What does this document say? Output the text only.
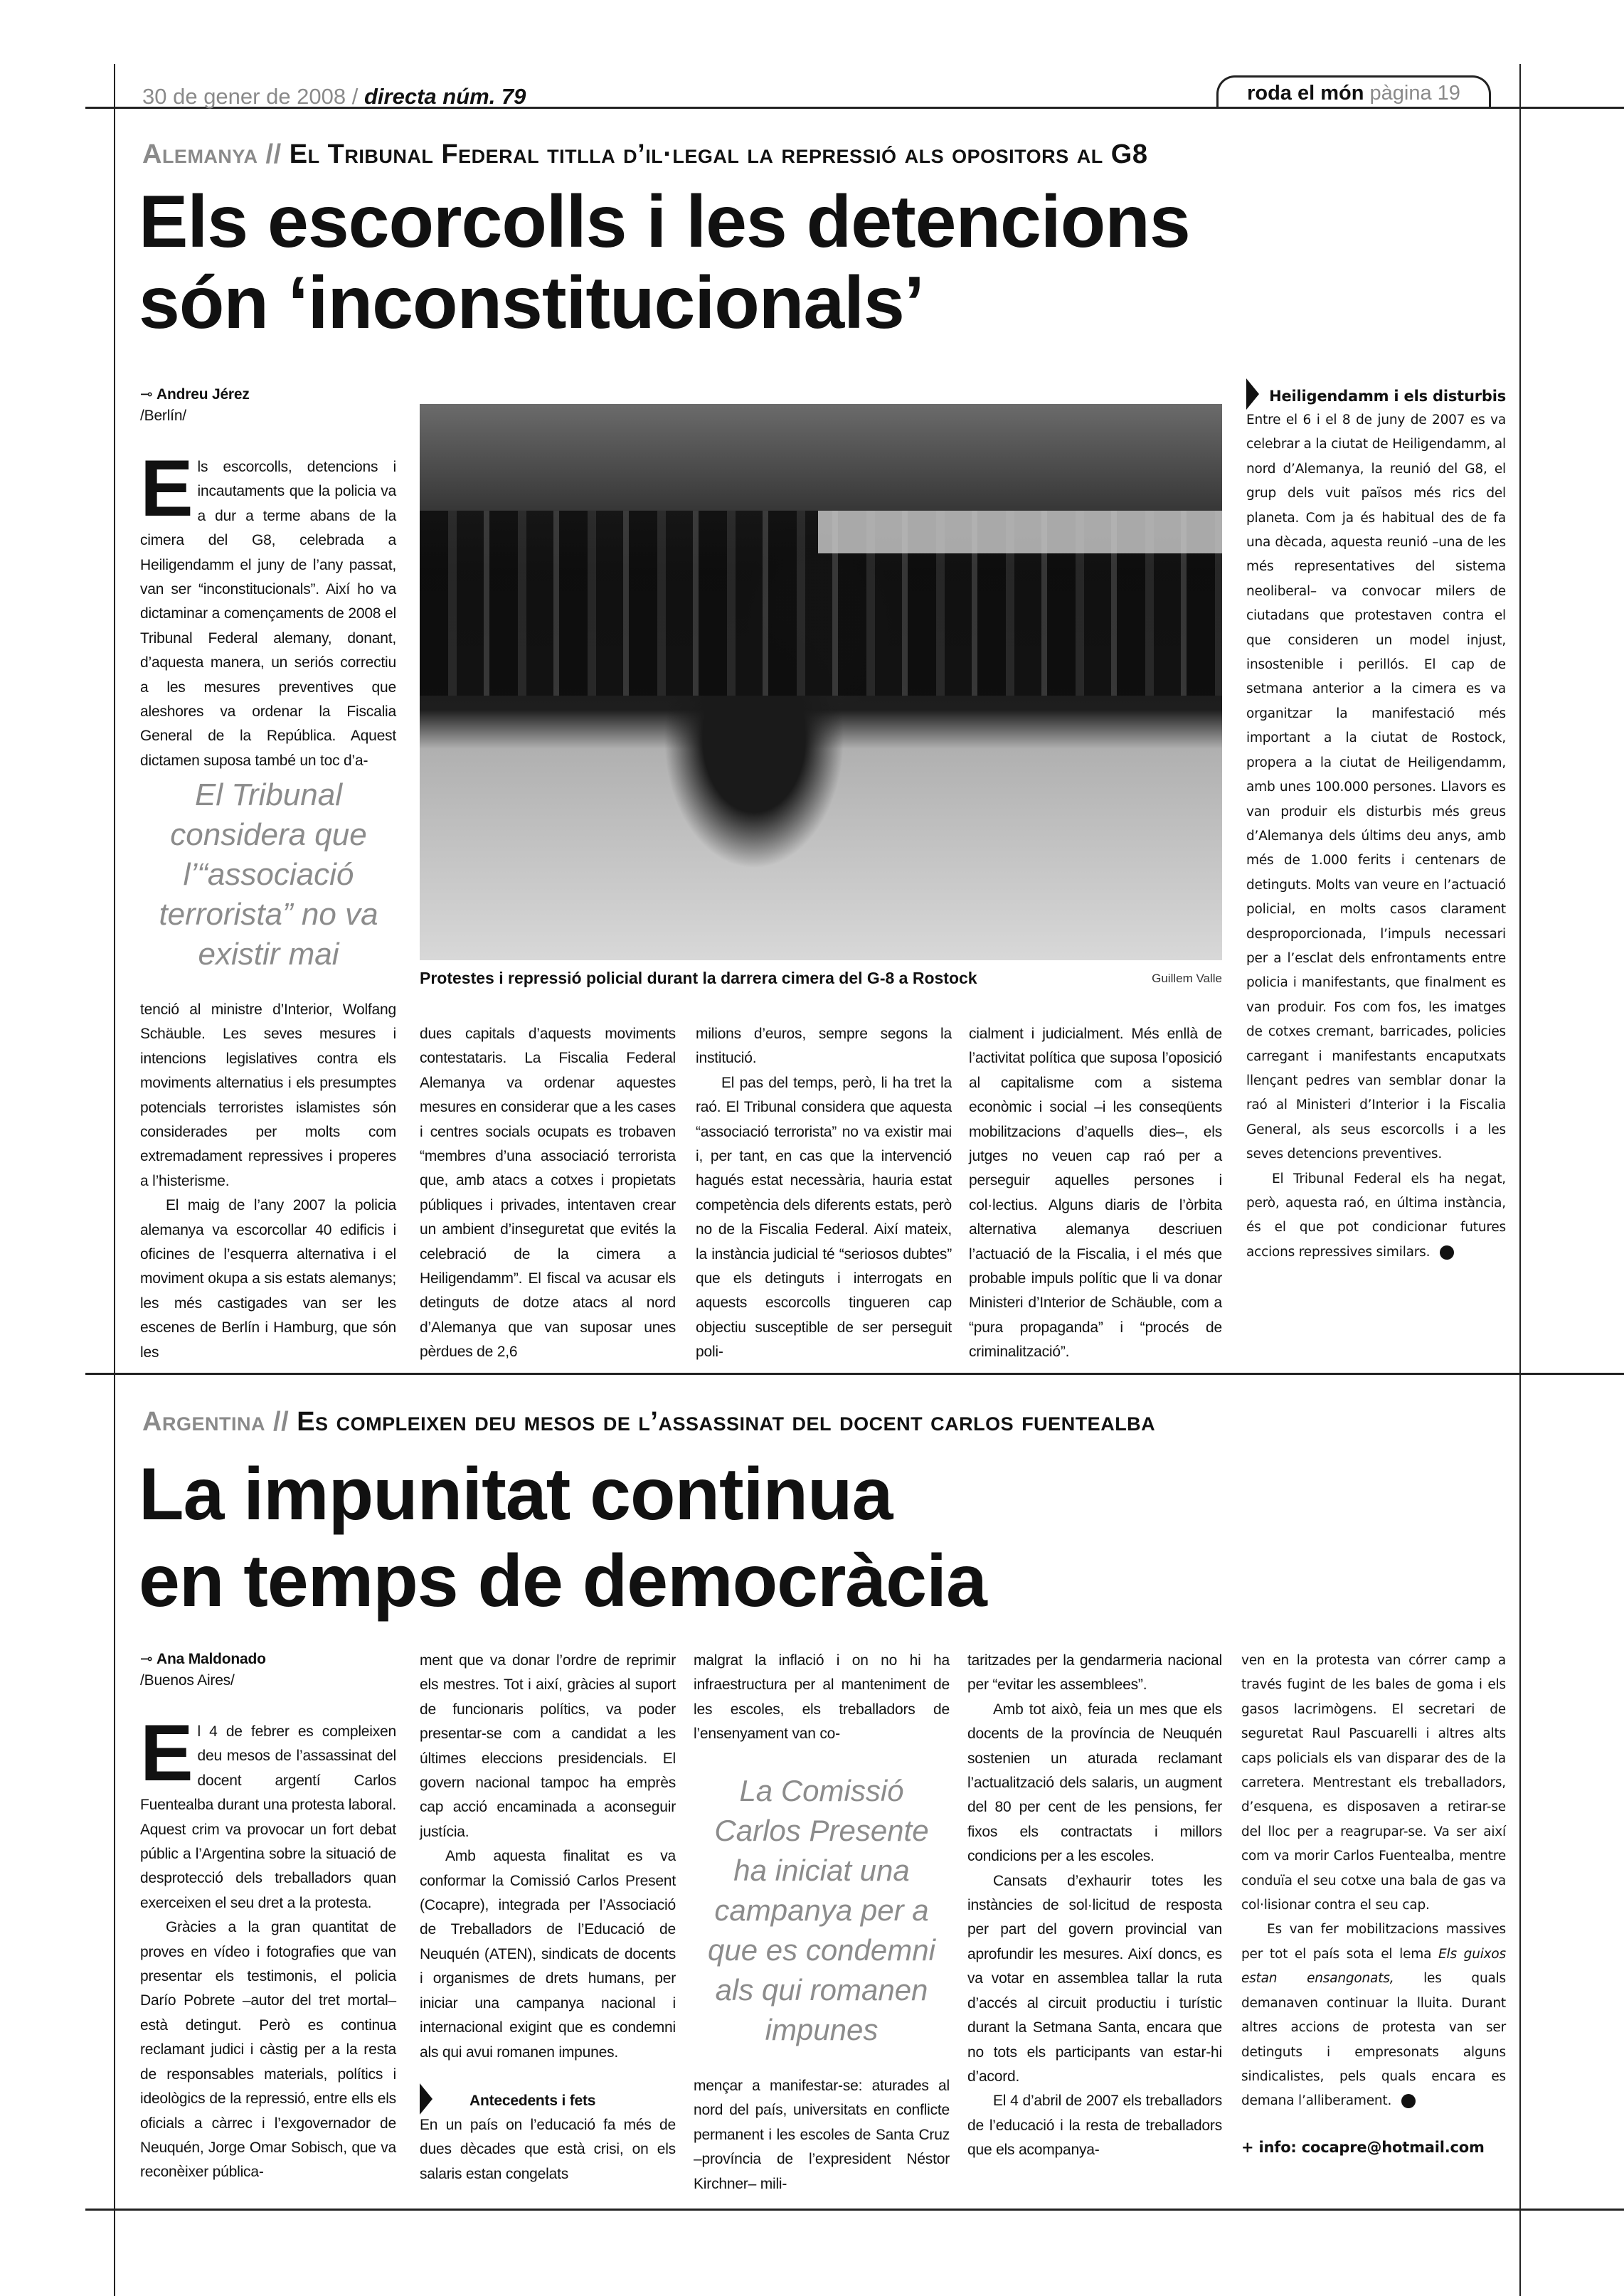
30 de gener de 2008 / directa núm. 79	roda el món pàgina 19
Alemanya // El Tribunal Federal titlla d’il·legal la repressió als opositors al G8
Els escorcolls i les detencions
són ‘inconstitucionals’
⊸ Andreu Jérez
/Berlín/

Els escorcolls, detencions i incautaments que la policia va a dur a terme abans de la cimera del G8, celebrada a Heiligendamm el juny de l’any passat, van ser “inconstitucionals”. Així ho va dictaminar a començaments de 2008 el Tribunal Federal alemany, donant, d’aquesta manera, un seriós correctiu a les mesures preventives que aleshores va ordenar la Fiscalia General de la República. Aquest dictamen suposa també un toc d’a-

El Tribunal considera que l’“associació terrorista” no va existir mai

tenció al ministre d’Interior, Wolfang Schäuble. Les seves mesures i intencions legislatives contra els moviments alternatius i els presumptes potencials terroristes islamistes són considerades per molts com extremadament repressives i properes a l’histerisme.

El maig de l’any 2007 la policia alemanya va escorcollar 40 edificis i oficines de l’esquerra alternativa i el moviment okupa a sis estats alemanys; les més castigades van ser les escenes de Berlín i Hamburg, que són les

Protestes i repressió policial durant la darrera cimera del G-8 a Rostock	Guillem Valle

dues capitals d’aquests moviments contestataris. La Fiscalia Federal Alemanya va ordenar aquestes mesures en considerar que a les cases i centres socials ocupats es trobaven “membres d’una associació terrorista que, amb atacs a cotxes i propietats públiques i privades, intentaven crear un ambient d’inseguretat que evités la celebració de la cimera a Heiligendamm”. El fiscal va acusar els detinguts de dotze atacs al nord d’Alemanya que van suposar unes pèrdues de 2,6

milions d’euros, sempre segons la institució.

El pas del temps, però, li ha tret la raó. El Tribunal considera que aquesta “associació terrorista” no va existir mai i, per tant, en cas que la intervenció hagués estat necessària, hauria estat competència dels diferents estats, però no de la Fiscalia Federal. Així mateix, la instància judicial té “seriosos dubtes” que els detinguts i interrogats en aquests escorcolls tingueren cap objectiu susceptible de ser perseguit poli-

cialment i judicialment. Més enllà de l’activitat política que suposa l’oposició al capitalisme com a sistema econòmic i social –i les conseqüents mobilitzacions d’aquells dies–, els jutges no veuen cap raó per a perseguir aquelles persones i col·lectius. Alguns diaris de l’òrbita alternativa alemanya descriuen l’actuació de la Fiscalia, i el més que probable impuls polític que li va donar Ministeri d’Interior de Schäuble, com a “pura propaganda” i “procés de criminalització”.

Heiligendamm i els disturbis

Entre el 6 i el 8 de juny de 2007 es va celebrar a la ciutat de Heiligendamm, al nord d’Alemanya, la reunió del G8, el grup dels vuit països més rics del planeta. Com ja és habitual des de fa una dècada, aquesta reunió –una de les més representatives del sistema neoliberal– va convocar milers de ciutadans que protestaven contra el que consideren un model injust, insostenible i perillós. El cap de setmana anterior a la cimera es va organitzar la manifestació més important a la ciutat de Rostock, propera a la ciutat de Heiligendamm, amb unes 100.000 persones. Llavors es van produir els disturbis més greus d’Alemanya dels últims deu anys, amb més de 1.000 ferits i centenars de detinguts. Molts van veure en l’actuació policial, en molts casos clarament desproporcionada, l’impuls necessari per a l’esclat dels enfrontaments entre policia i manifestants, que finalment es van produir. Fos com fos, les imatges de cotxes cremant, barricades, policies carregant i manifestants encaputxats llençant pedres van semblar donar la raó al Ministeri d’Interior i la Fiscalia General, als seus escorcolls i a les seves detencions preventives.

El Tribunal Federal els ha negat, però, aquesta raó, en última instància, és el que pot condicionar futures accions repressives similars.	dl

Argentina // Es compleixen deu mesos de l’assassinat del docent carlos fuentealba
La impunitat continua
en temps de democràcia
⊸ Ana Maldonado
/Buenos Aires/

El 4 de febrer es compleixen deu mesos de l’assassinat del docent argentí Carlos Fuentealba durant una protesta laboral. Aquest crim va provocar un fort debat públic a l’Argentina sobre la situació de desprotecció dels treballadors quan exerceixen el seu dret a la protesta.

Gràcies a la gran quantitat de proves en vídeo i fotografies que van presentar els testimonis, el policia Darío Pobrete –autor del tret mortal– està detingut. Però es continua reclamant judici i càstig per a la resta de responsables materials, polítics i ideològics de la repressió, entre ells els oficials a càrrec i l’exgovernador de Neuquén, Jorge Omar Sobisch, que va reconèixer pública-

ment que va donar l’ordre de reprimir els mestres. Tot i així, gràcies al suport de funcionaris polítics, va poder presentar-se com a candidat a les últimes eleccions presidencials. El govern nacional tampoc ha emprès cap acció encaminada a aconseguir justícia.

Amb aquesta finalitat es va conformar la Comissió Carlos Present (Cocapre), integrada per l’Associació de Treballadors de l’Educació de Neuquén (ATEN), sindicats de docents i organismes de drets humans, per iniciar una campanya nacional i internacional exigint que es condemni als qui avui romanen impunes.

Antecedents i fets

En un país on l’educació fa més de dues dècades que està crisi, on els salaris estan congelats

malgrat la inflació i on no hi ha infraestructura per al manteniment de les escoles, els treballadors de l’ensenyament van co-

La Comissió Carlos Presente ha iniciat una campanya per a que es condemni als qui romanen impunes

mençar a manifestar-se: aturades al nord del país, universitats en conflicte permanent i les escoles de Santa Cruz –província de l’expresident Néstor Kirchner– mili-

taritzades per la gendarmeria nacional per “evitar les assemblees”.

Amb tot això, feia un mes que els docents de la província de Neuquén sostenien un aturada reclamant l’actualització dels salaris, un augment del 80 per cent de les pensions, fer fixos els contractats i millors condicions per a les escoles.

Cansats d’exhaurir totes les instàncies de sol·licitud de resposta per part del govern provincial van aprofundir les mesures. Així doncs, es va votar en assemblea tallar la ruta d’accés al circuit productiu i turístic durant la Setmana Santa, encara que no tots els participants van estar-hi d’acord.

El 4 d’abril de 2007 els treballadors de l’educació i la resta de treballadors que els acompanya-

ven en la protesta van córrer camp a través fugint de les bales de goma i els gasos lacrimògens. El secretari de seguretat Raul Pascuarelli i altres alts caps policials els van disparar des de la carretera. Mentrestant els treballadors, d’esquena, es disposaven a retirar-se del lloc per a reagrupar-se. Va ser així com va morir Carlos Fuentealba, mentre conduïa el seu cotxe una bala de gas va col·lisionar contra el seu cap.

Es van fer mobilitzacions massives per tot el país sota el lema Els guixos estan ensangonats, les quals demanaven continuar la lluita. Durant altres accions de protesta van ser detinguts i empresonats alguns sindicalistes, pels quals encara es demana l’alliberament.	dl

+ info: cocapre@hotmail.com
